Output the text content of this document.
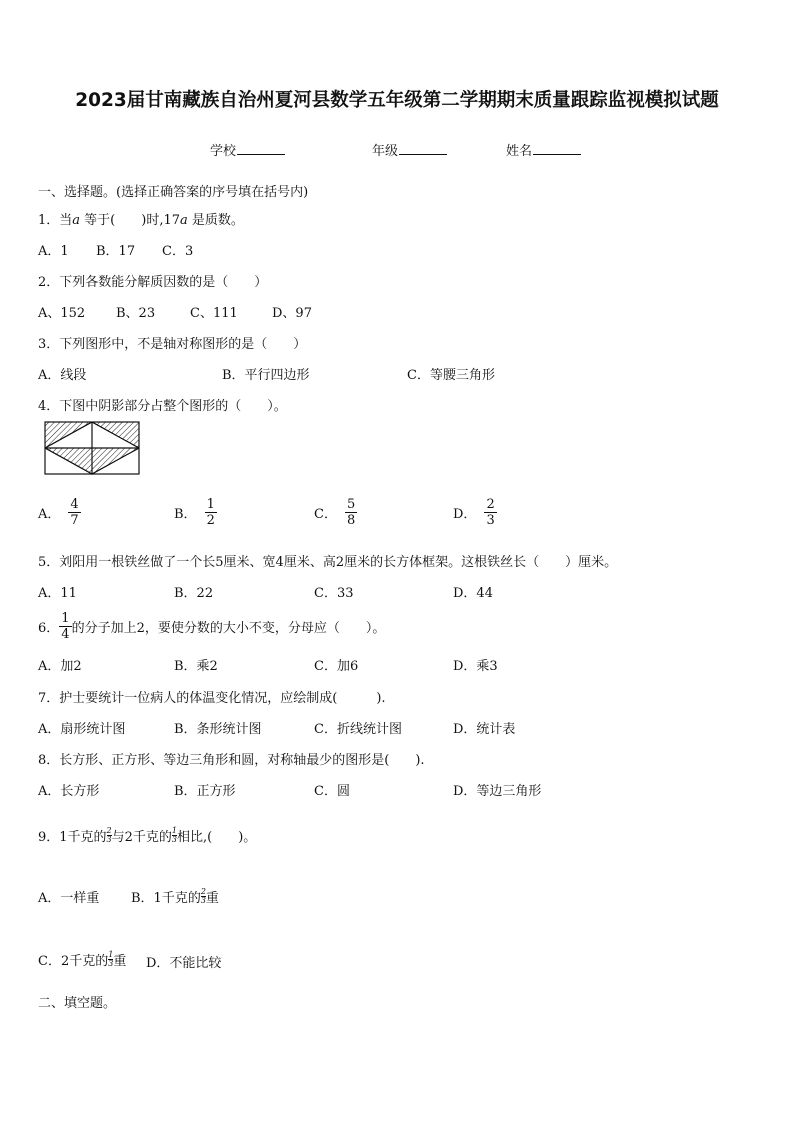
2023届甘南藏族自治州夏河县数学五年级第二学期期末质量跟踪监视模拟试题
学校	年级	姓名
一、选择题。(选择正确答案的序号填在括号内)
1．当a 等于(　　)时,17a 是质数。
A．1 B．17 C．3
2．下列各数能分解质因数的是（　　）
A、152 B、23	C、111	D、97
3．下列图形中，不是轴对称图形的是（　　）
A．线段	B．平行四边形	C．等腰三角形
4．下图中阴影部分占整个图形的（　　）。
A． $\frac{4}{7}$	B． $\frac{1}{2}$	C． $\frac{5}{8}$	D． $\frac{2}{3}$
5．刘阳用一根铁丝做了一个长5厘米、宽4厘米、高2厘米的长方体框架。这根铁丝长（　　）厘米。
A．11	B．22	C．33	D．44
6． $\frac{1}{4}$ 的分子加上2，要使分数的大小不变，分母应（　　）。
A．加2	B．乘2	C．加6	D．乘3
7．护士要统计一位病人的体温变化情况，应绘制成(　　　).
A．扇形统计图	B．条形统计图	C．折线统计图	D．统计表
8．长方形、正方形、等边三角形和圆，对称轴最少的图形是(　　).
A．长方形	B．正方形	C．圆	D．等边三角形
9．1千克的 $\frac{2}{3}$ 与2千克的 $\frac{1}{3}$ 相比,(　　)。
A．一样重 B．1千克的 $\frac{2}{3}$ 重
C．2千克的 $\frac{1}{3}$ 重 D．不能比较
二、填空题。
